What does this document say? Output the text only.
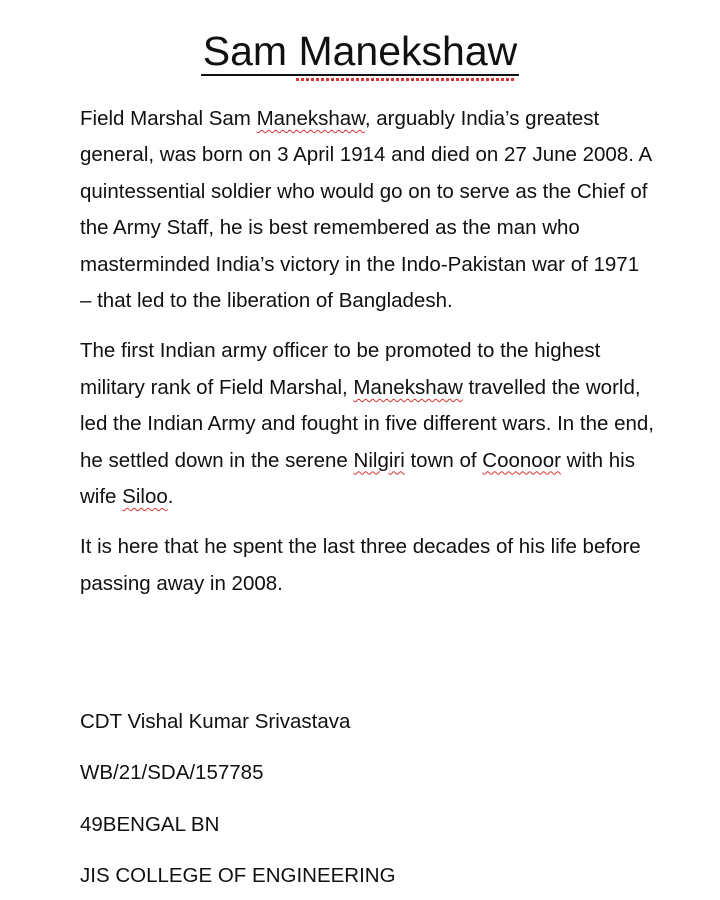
Sam Manekshaw

Field Marshal Sam Manekshaw, arguably India’s greatest general, was born on 3 April 1914 and died on 27 June 2008. A quintessential soldier who would go on to serve as the Chief of the Army Staff, he is best remembered as the man who masterminded India’s victory in the Indo-Pakistan war of 1971 – that led to the liberation of Bangladesh.

The first Indian army officer to be promoted to the highest military rank of Field Marshal, Manekshaw travelled the world, led the Indian Army and fought in five different wars. In the end, he settled down in the serene Nilgiri town of Coonoor with his wife Siloo.

It is here that he spent the last three decades of his life before passing away in 2008.

CDT Vishal Kumar Srivastava

WB/21/SDA/157785

49BENGAL BN

JIS COLLEGE OF ENGINEERING
